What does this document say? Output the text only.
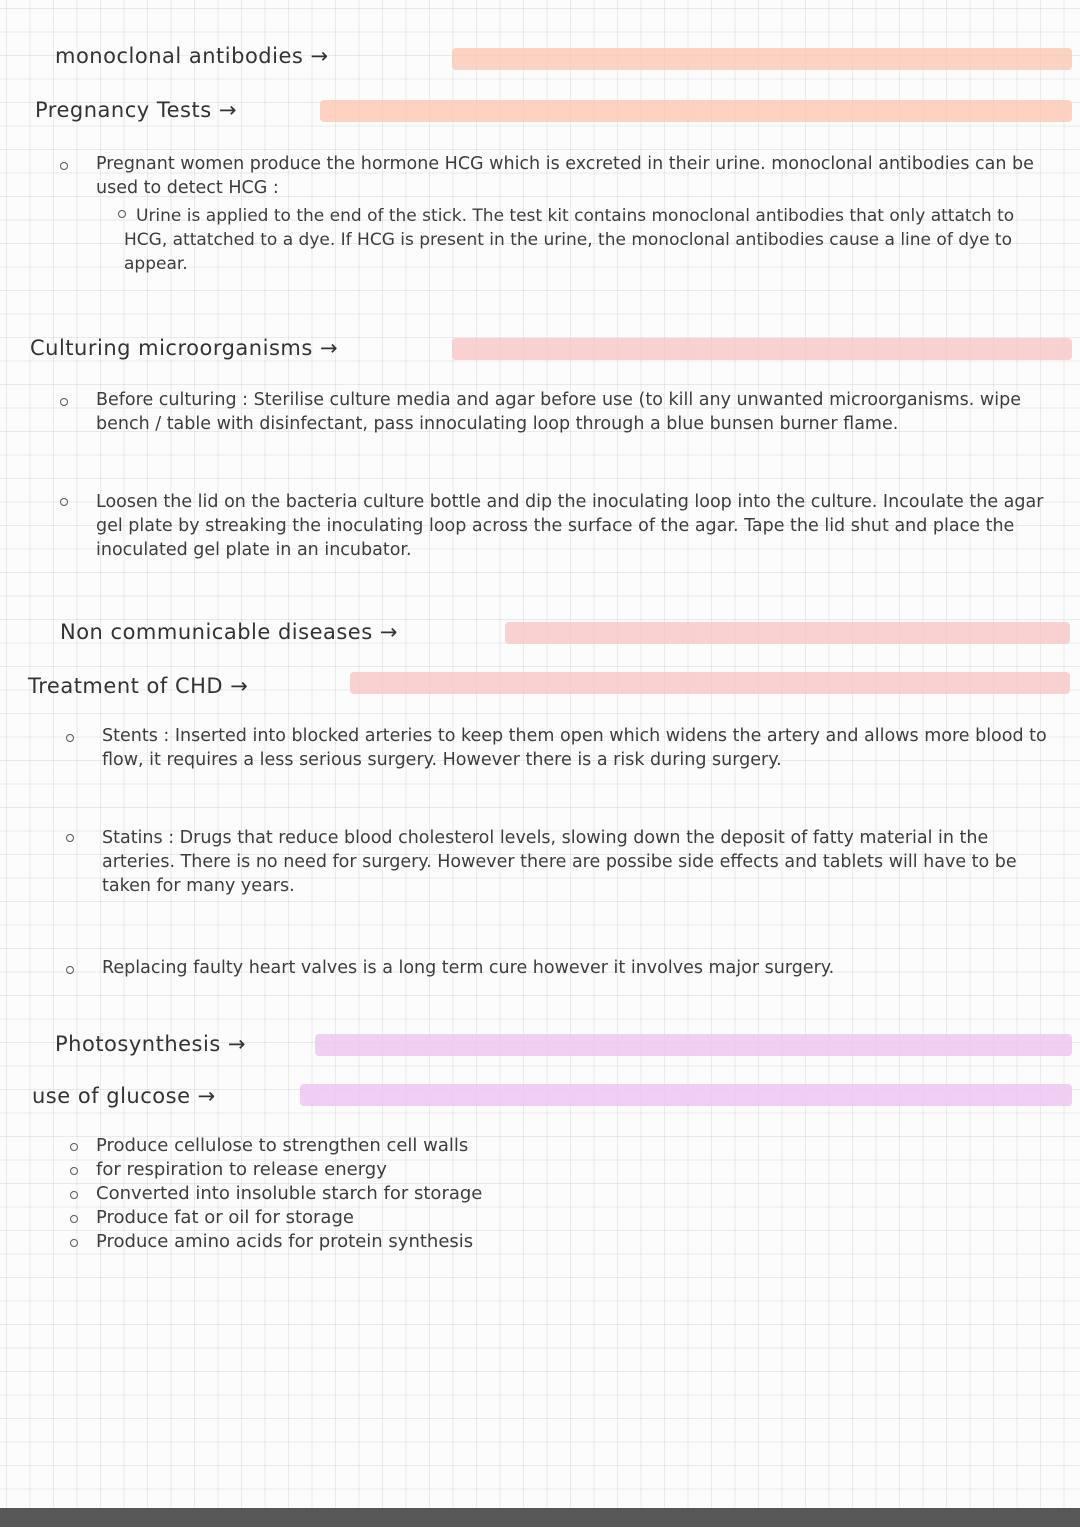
monoclonal antibodies →
Pregnancy Tests →
Pregnant women produce the hormone HCG which is excreted in their urine. monoclonal antibodies can be used to detect HCG :
Urine is applied to the end of the stick. The test kit contains monoclonal antibodies that only attatch to HCG, attatched to a dye. If HCG is present in the urine, the monoclonal antibodies cause a line of dye to appear.
Culturing microorganisms →
Before culturing : Sterilise culture media and agar before use (to kill any unwanted microorganisms. wipe bench / table with disinfectant, pass innoculating loop through a blue bunsen burner flame.
Loosen the lid on the bacteria culture bottle and dip the inoculating loop into the culture. Incoulate the agar gel plate by streaking the inoculating loop across the surface of the agar. Tape the lid shut and place the inoculated gel plate in an incubator.
Non communicable diseases →
Treatment of CHD →
Stents : Inserted into blocked arteries to keep them open which widens the artery and allows more blood to flow, it requires a less serious surgery. However there is a risk during surgery.
Statins : Drugs that reduce blood cholesterol levels, slowing down the deposit of fatty material in the arteries. There is no need for surgery. However there are possibe side effects and tablets will have to be taken for many years.
Replacing faulty heart valves is a long term cure however it involves major surgery.
Photosynthesis →
use of glucose →
Produce cellulose to strengthen cell walls
for respiration to release energy
Converted into insoluble starch for storage
Produce fat or oil for storage
Produce amino acids for protein synthesis
